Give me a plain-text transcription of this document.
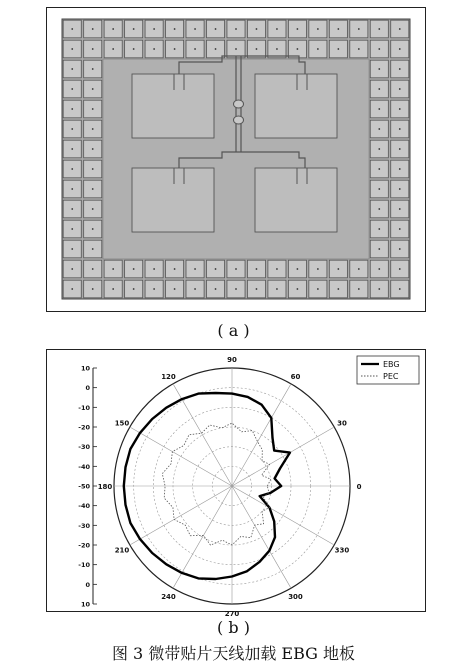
( a )
10
0
-10
-20
-30
-40
-50
-40
-30
-20
-10
0
10
90
60
30
0
330
300
270
240
210
180
150
120
EBG
PEC
( b )
图 3 微带贴片天线加载 EBG 地板
